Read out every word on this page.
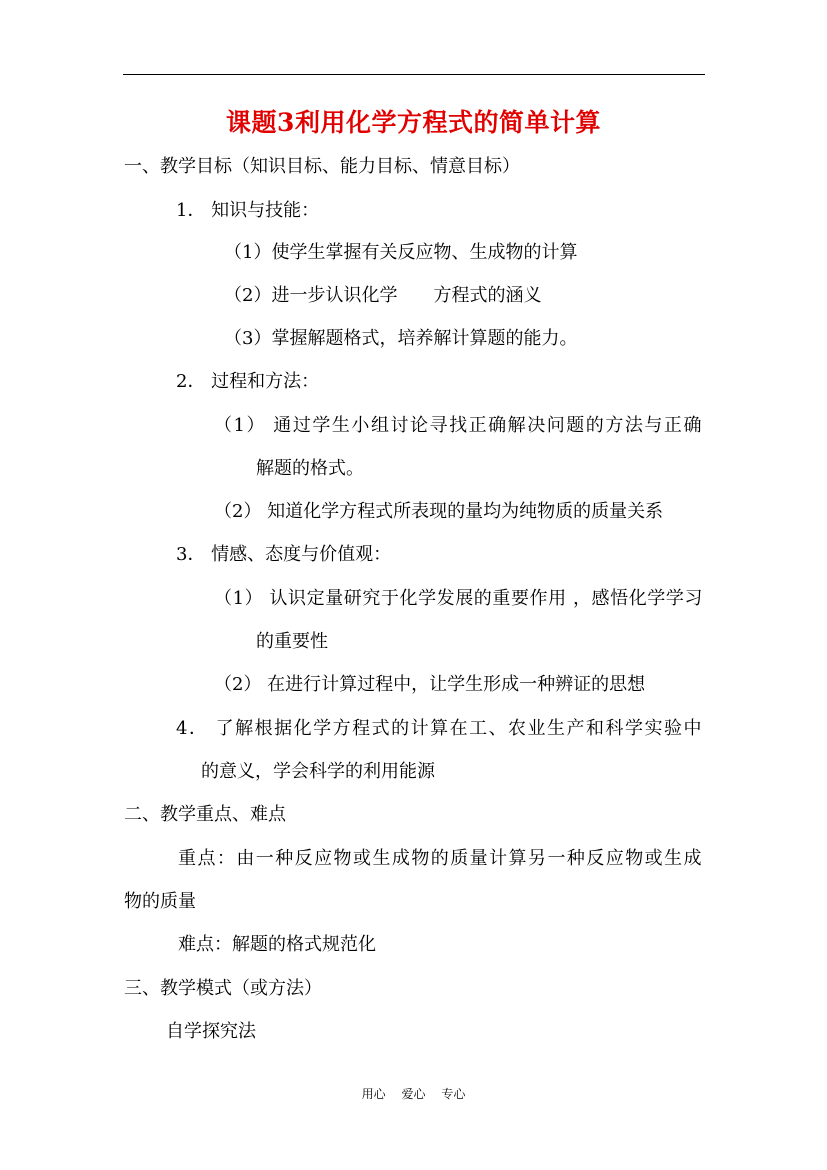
课题3利用化学方程式的简单计算
一、教学目标（知识目标、能力目标、情意目标）
1． 知识与技能：
（1）使学生掌握有关反应物、生成物的计算
（2）进一步认识化学　　方程式的涵义
（3）掌握解题格式，培养解计算题的能力。
2． 过程和方法：
（1） 通过学生小组讨论寻找正确解决问题的方法与正确
解题的格式。
（2） 知道化学方程式所表现的量均为纯物质的质量关系
3． 情感、态度与价值观：
（1） 认识定量研究于化学发展的重要作用 ，感悟化学学习
的重要性
（2） 在进行计算过程中，让学生形成一种辨证的思想
4． 了解根据化学方程式的计算在工、农业生产和科学实验中
的意义，学会科学的利用能源
二、教学重点、难点
重点：由一种反应物或生成物的质量计算另一种反应物或生成
物的质量
难点：解题的格式规范化
三、教学模式（或方法）
自学探究法
用心 爱心 专心
